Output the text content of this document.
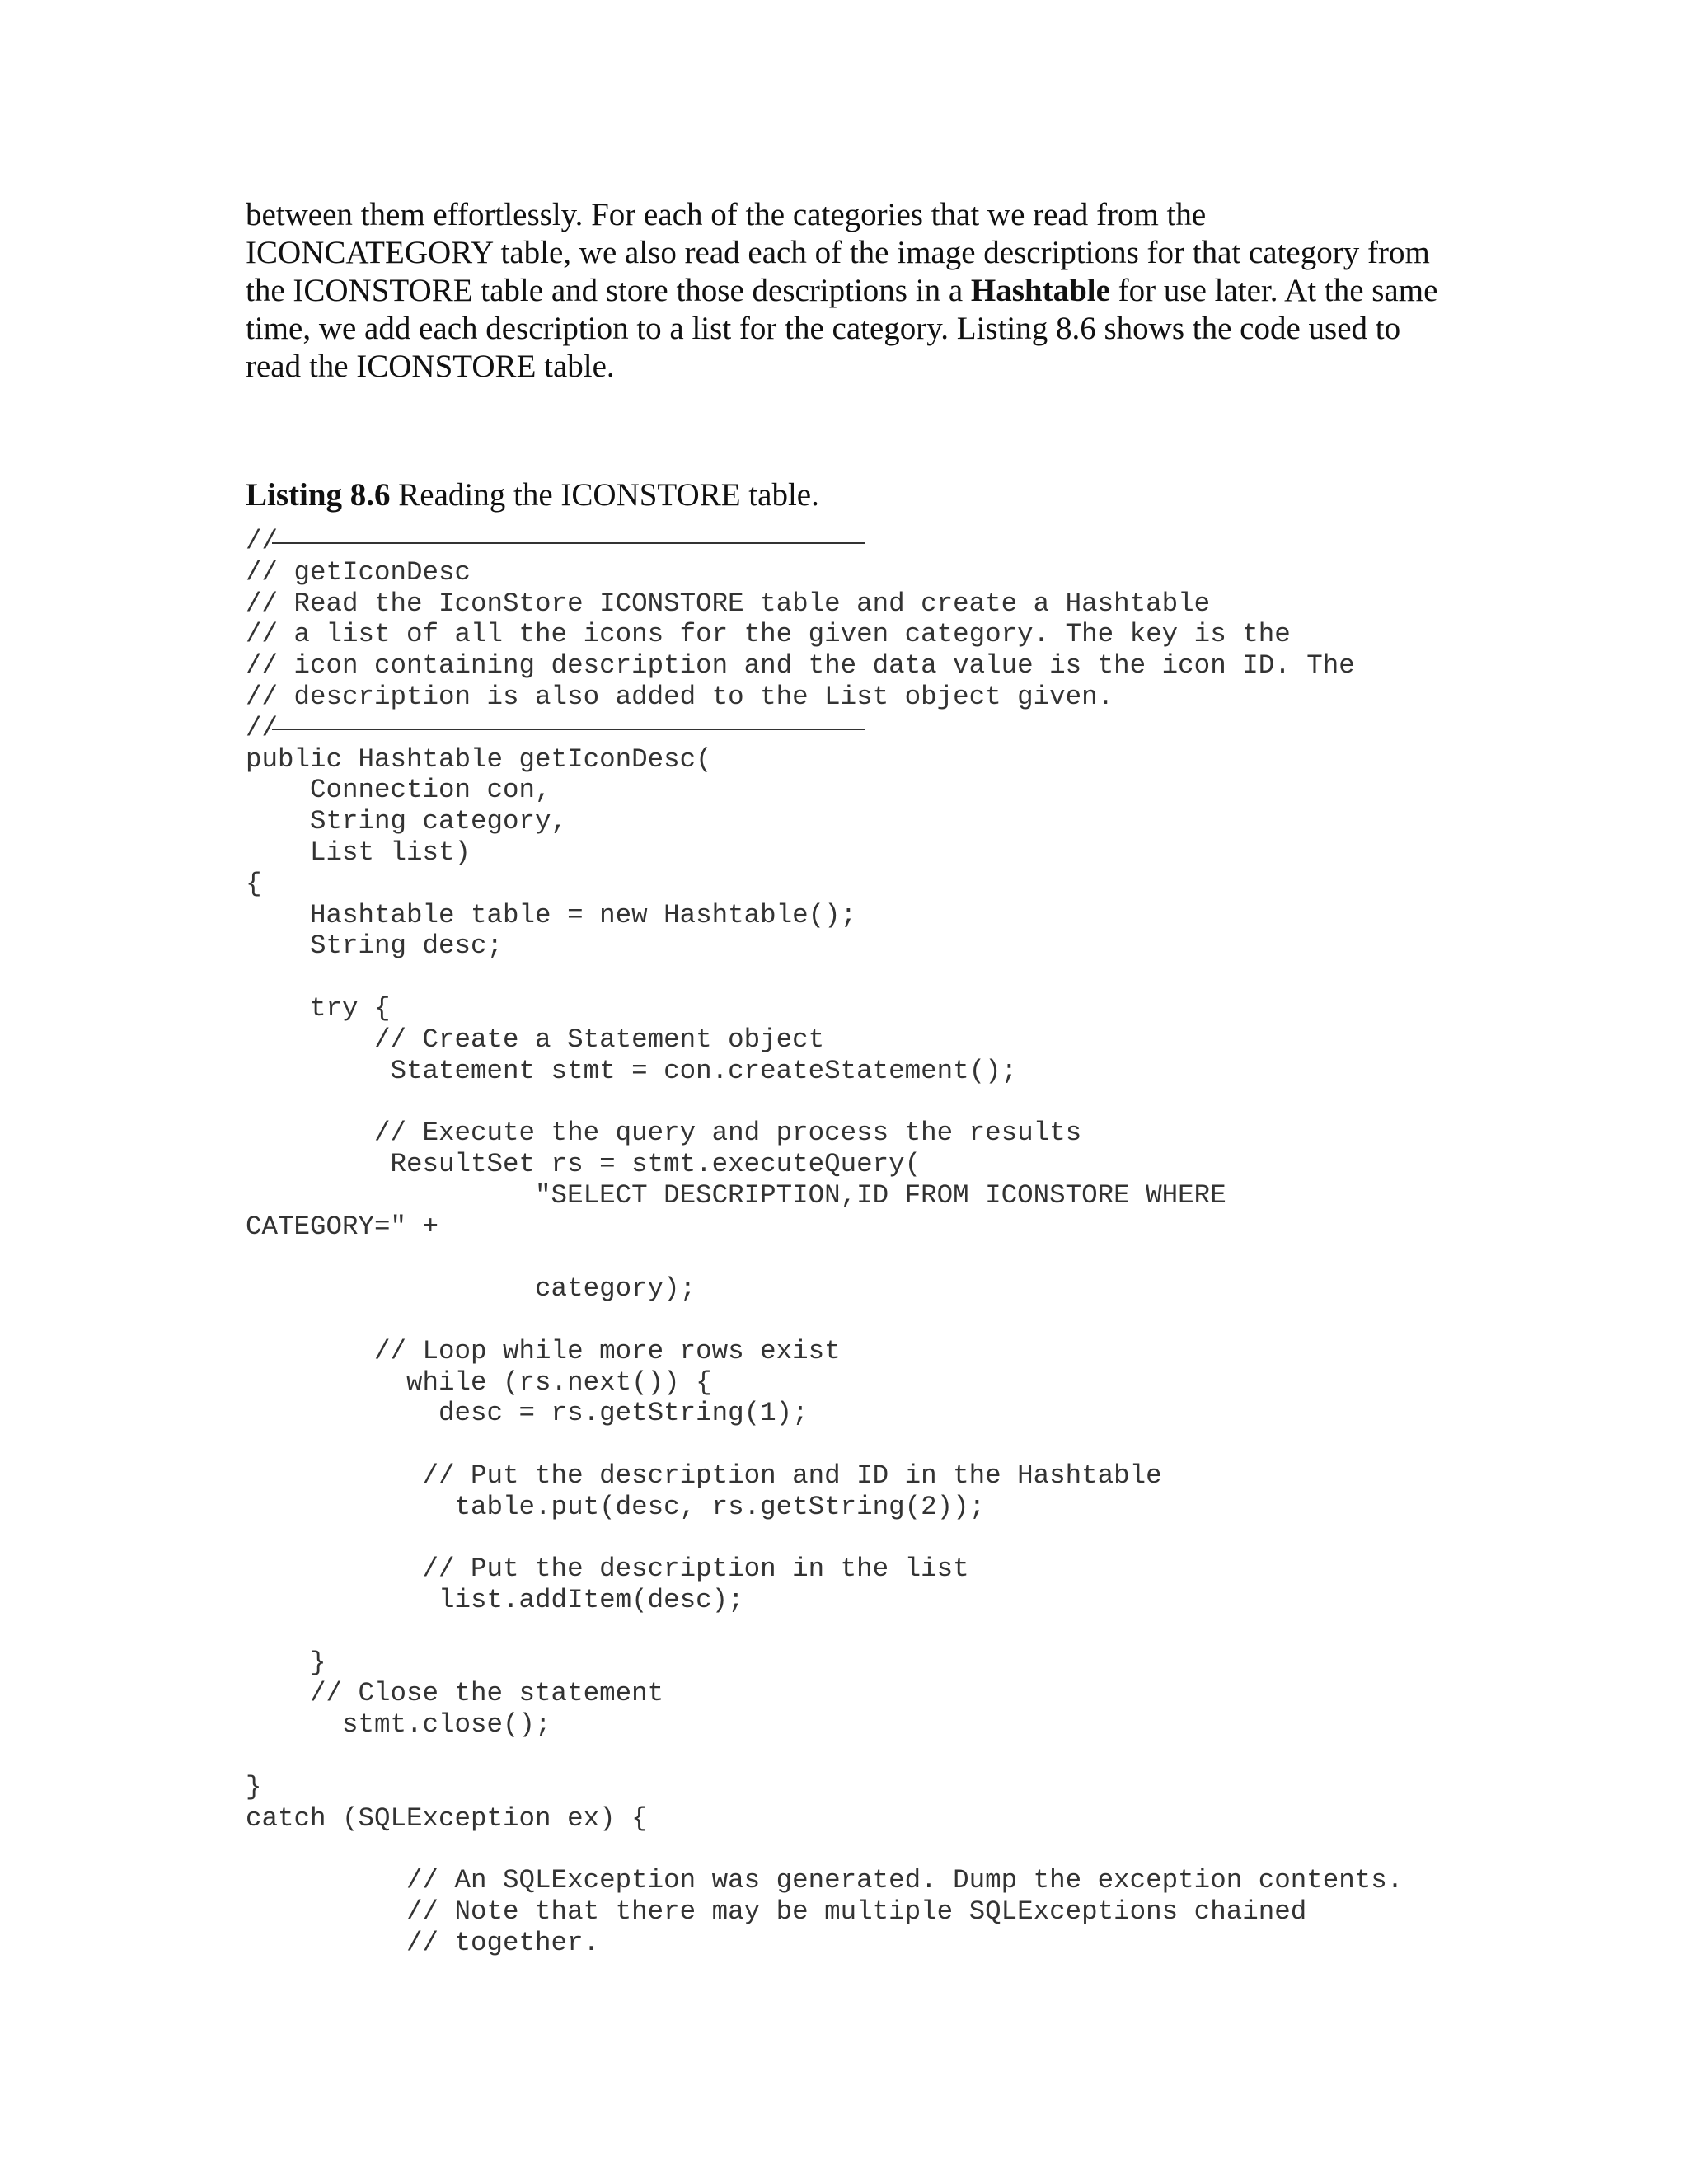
between them effortlessly. For each of the categories that we read from the ICONCATEGORY table, we also read each of the image descriptions for that category from the ICONSTORE table and store those descriptions in a Hashtable for use later. At the same time, we add each description to a list for the category. Listing 8.6 shows the code used to read the ICONSTORE table.

Listing 8.6 Reading the ICONSTORE table.

//
// getIconDesc
// Read the IconStore ICONSTORE table and create a Hashtable
// a list of all the icons for the given category. The key is the
// icon containing description and the data value is the icon ID. The
// description is also added to the List object given.
//
public Hashtable getIconDesc(
Connection con,
String category,
List list)
{
Hashtable table = new Hashtable();
String desc;
try {
// Create a Statement object
Statement stmt = con.createStatement();
// Execute the query and process the results
ResultSet rs = stmt.executeQuery(
"SELECT DESCRIPTION,ID FROM ICONSTORE WHERE
CATEGORY=" +
category);
// Loop while more rows exist
while (rs.next()) {
desc = rs.getString(1);
// Put the description and ID in the Hashtable
table.put(desc, rs.getString(2));
// Put the description in the list
list.addItem(desc);
}
// Close the statement
stmt.close();
}
catch (SQLException ex) {
// An SQLException was generated. Dump the exception contents.
// Note that there may be multiple SQLExceptions chained
// together.
